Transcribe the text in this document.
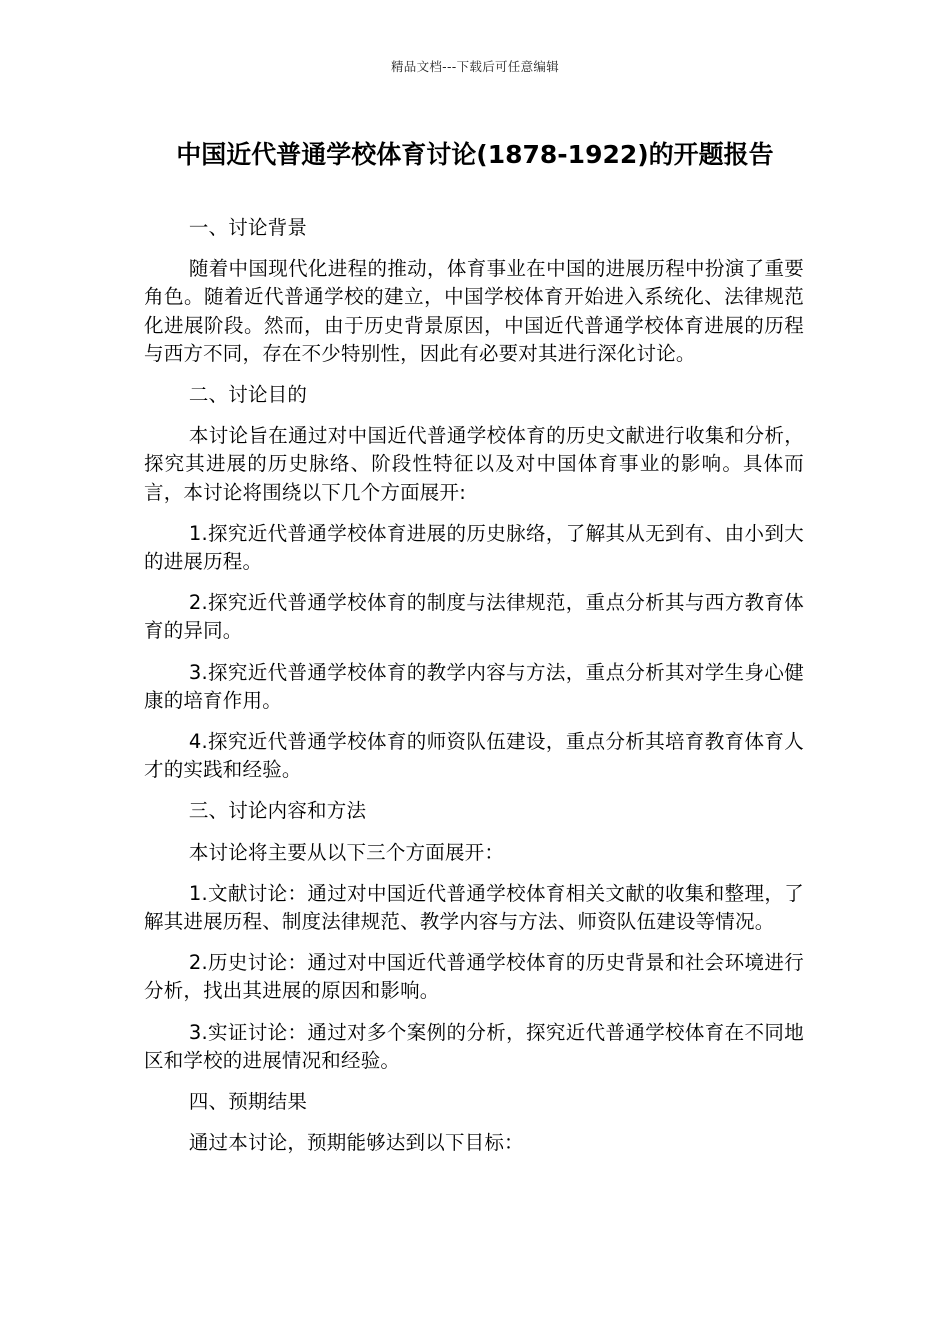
精品文档---下载后可任意编辑
中国近代普通学校体育讨论(1878-1922)的开题报告

一、讨论背景

随着中国现代化进程的推动，体育事业在中国的进展历程中扮演了重要角色。随着近代普通学校的建立，中国学校体育开始进入系统化、法律规范化进展阶段。然而，由于历史背景原因，中国近代普通学校体育进展的历程与西方不同，存在不少特别性，因此有必要对其进行深化讨论。

二、讨论目的

本讨论旨在通过对中国近代普通学校体育的历史文献进行收集和分析，探究其进展的历史脉络、阶段性特征以及对中国体育事业的影响。具体而言，本讨论将围绕以下几个方面展开:

1.探究近代普通学校体育进展的历史脉络，了解其从无到有、由小到大的进展历程。

2.探究近代普通学校体育的制度与法律规范，重点分析其与西方教育体育的异同。

3.探究近代普通学校体育的教学内容与方法，重点分析其对学生身心健康的培育作用。

4.探究近代普通学校体育的师资队伍建设，重点分析其培育教育体育人才的实践和经验。

三、讨论内容和方法

本讨论将主要从以下三个方面展开：

1.文献讨论：通过对中国近代普通学校体育相关文献的收集和整理，了解其进展历程、制度法律规范、教学内容与方法、师资队伍建设等情况。

2.历史讨论：通过对中国近代普通学校体育的历史背景和社会环境进行分析，找出其进展的原因和影响。

3.实证讨论：通过对多个案例的分析，探究近代普通学校体育在不同地区和学校的进展情况和经验。

四、预期结果

通过本讨论，预期能够达到以下目标：
